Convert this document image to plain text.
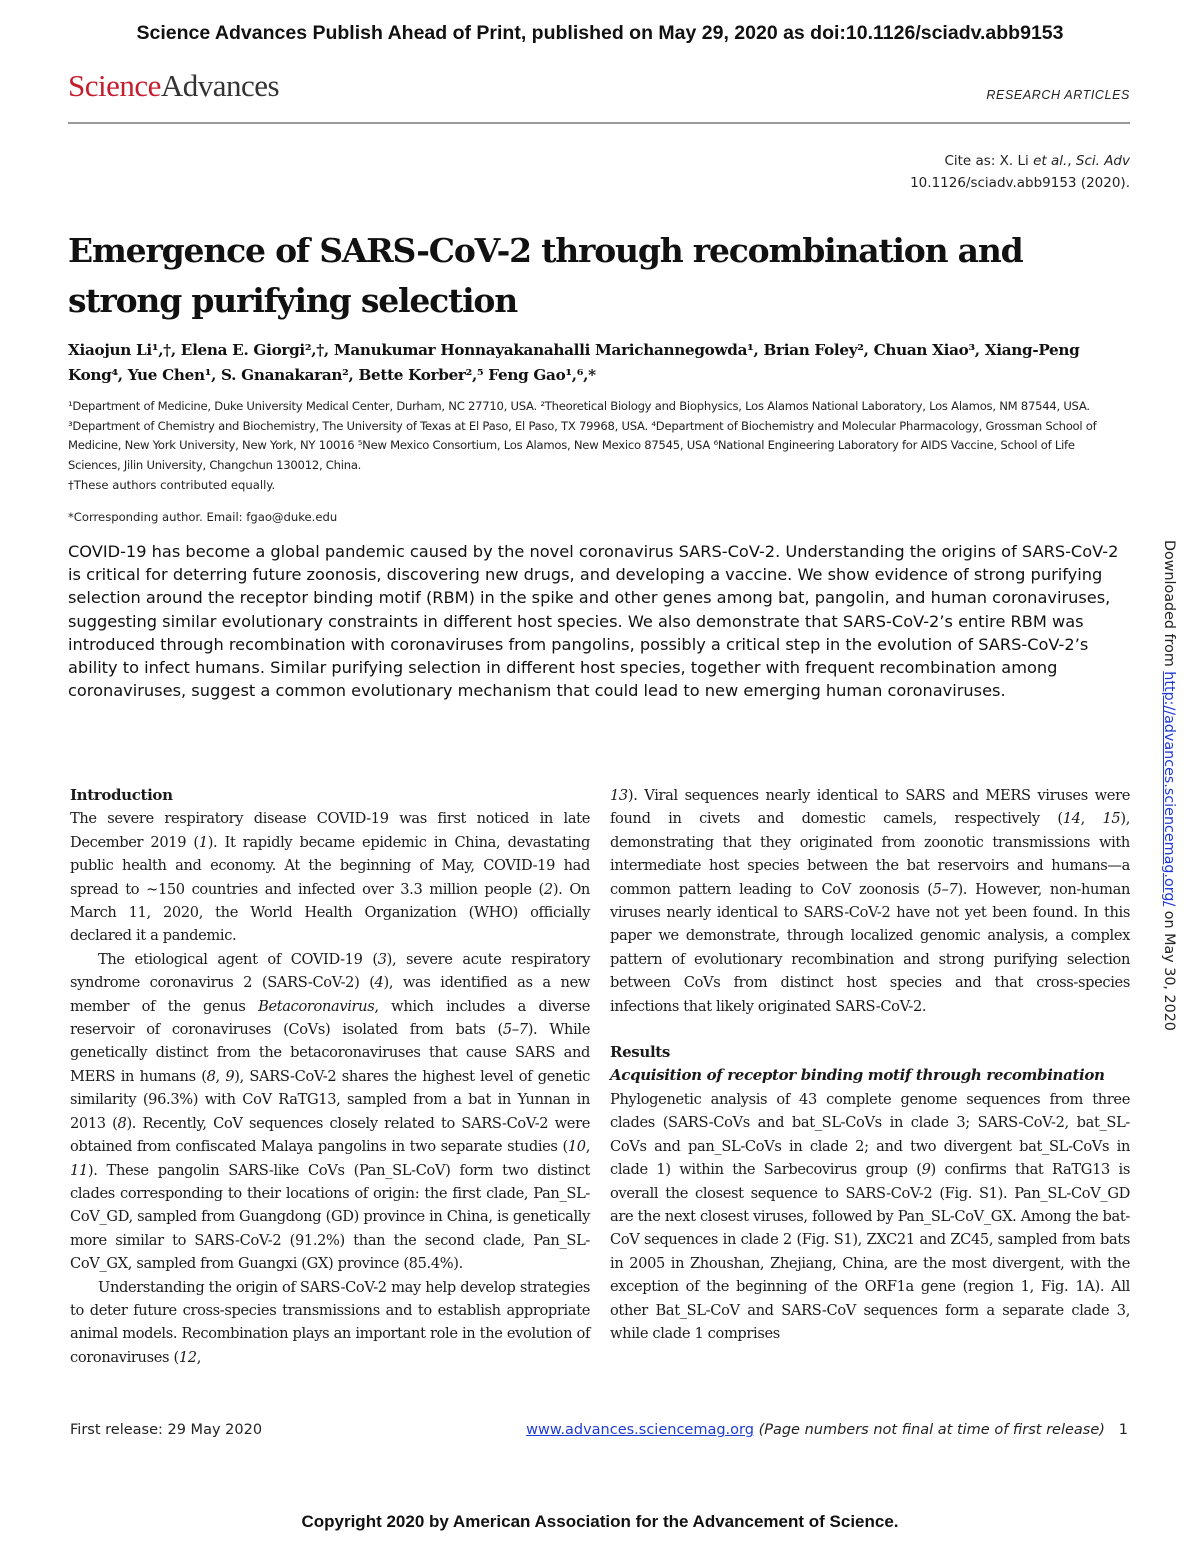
Science Advances Publish Ahead of Print, published on May 29, 2020 as doi:10.1126/sciadv.abb9153
ScienceAdvances	RESEARCH ARTICLES
Cite as: X. Li et al., Sci. Adv
10.1126/sciadv.abb9153 (2020).
Emergence of SARS-CoV-2 through recombination and strong purifying selection
Xiaojun Li¹,†, Elena E. Giorgi²,†, Manukumar Honnayakanahalli Marichannegowda¹, Brian Foley², Chuan Xiao³, Xiang-Peng Kong⁴, Yue Chen¹, S. Gnanakaran², Bette Korber²,⁵ Feng Gao¹,⁶,*
¹Department of Medicine, Duke University Medical Center, Durham, NC 27710, USA. ²Theoretical Biology and Biophysics, Los Alamos National Laboratory, Los Alamos, NM 87544, USA. ³Department of Chemistry and Biochemistry, The University of Texas at El Paso, El Paso, TX 79968, USA. ⁴Department of Biochemistry and Molecular Pharmacology, Grossman School of Medicine, New York University, New York, NY 10016 ⁵New Mexico Consortium, Los Alamos, New Mexico 87545, USA ⁶National Engineering Laboratory for AIDS Vaccine, School of Life Sciences, Jilin University, Changchun 130012, China.
†These authors contributed equally.
*Corresponding author. Email: fgao@duke.edu

COVID-19 has become a global pandemic caused by the novel coronavirus SARS-CoV-2. Understanding the origins of SARS-CoV-2 is critical for deterring future zoonosis, discovering new drugs, and developing a vaccine. We show evidence of strong purifying selection around the receptor binding motif (RBM) in the spike and other genes among bat, pangolin, and human coronaviruses, suggesting similar evolutionary constraints in different host species. We also demonstrate that SARS-CoV-2’s entire RBM was introduced through recombination with coronaviruses from pangolins, possibly a critical step in the evolution of SARS-CoV-2’s ability to infect humans. Similar purifying selection in different host species, together with frequent recombination among coronaviruses, suggest a common evolutionary mechanism that could lead to new emerging human coronaviruses.

Introduction

The severe respiratory disease COVID-19 was first noticed in late December 2019 (1). It rapidly became epidemic in China, devastating public health and economy. At the beginning of May, COVID-19 had spread to ~150 countries and infected over 3.3 million people (2). On March 11, 2020, the World Health Organization (WHO) officially declared it a pandemic.

The etiological agent of COVID-19 (3), severe acute respiratory syndrome coronavirus 2 (SARS-CoV-2) (4), was identified as a new member of the genus Betacoronavirus, which includes a diverse reservoir of coronaviruses (CoVs) isolated from bats (5–7). While genetically distinct from the betacoronaviruses that cause SARS and MERS in humans (8, 9), SARS-CoV-2 shares the highest level of genetic similarity (96.3%) with CoV RaTG13, sampled from a bat in Yunnan in 2013 (8). Recently, CoV sequences closely related to SARS-CoV-2 were obtained from confiscated Malaya pangolins in two separate studies (10, 11). These pangolin SARS-like CoVs (Pan_SL-CoV) form two distinct clades corresponding to their locations of origin: the first clade, Pan_SL-CoV_GD, sampled from Guangdong (GD) province in China, is genetically more similar to SARS-CoV-2 (91.2%) than the second clade, Pan_SL-CoV_GX, sampled from Guangxi (GX) province (85.4%).

Understanding the origin of SARS-CoV-2 may help develop strategies to deter future cross-species transmissions and to establish appropriate animal models. Recombination plays an important role in the evolution of coronaviruses (12,

13). Viral sequences nearly identical to SARS and MERS viruses were found in civets and domestic camels, respectively (14, 15), demonstrating that they originated from zoonotic transmissions with intermediate host species between the bat reservoirs and humans—a common pattern leading to CoV zoonosis (5–7). However, non-human viruses nearly identical to SARS-CoV-2 have not yet been found. In this paper we demonstrate, through localized genomic analysis, a complex pattern of evolutionary recombination and strong purifying selection between CoVs from distinct host species and that cross-species infections that likely originated SARS-CoV-2.

Results

Acquisition of receptor binding motif through recombination

Phylogenetic analysis of 43 complete genome sequences from three clades (SARS-CoVs and bat_SL-CoVs in clade 3; SARS-CoV-2, bat_SL-CoVs and pan_SL-CoVs in clade 2; and two divergent bat_SL-CoVs in clade 1) within the Sarbecovirus group (9) confirms that RaTG13 is overall the closest sequence to SARS-CoV-2 (Fig. S1). Pan_SL-CoV_GD are the next closest viruses, followed by Pan_SL-CoV_GX. Among the bat-CoV sequences in clade 2 (Fig. S1), ZXC21 and ZC45, sampled from bats in 2005 in Zhoushan, Zhejiang, China, are the most divergent, with the exception of the beginning of the ORF1a gene (region 1, Fig. 1A). All other Bat_SL-CoV and SARS-CoV sequences form a separate clade 3, while clade 1 comprises

First release: 29 May 2020	www.advances.sciencemag.org (Page numbers not final at time of first release) 1
Copyright 2020 by American Association for the Advancement of Science.
Downloaded from http://advances.sciencemag.org/ on May 30, 2020
